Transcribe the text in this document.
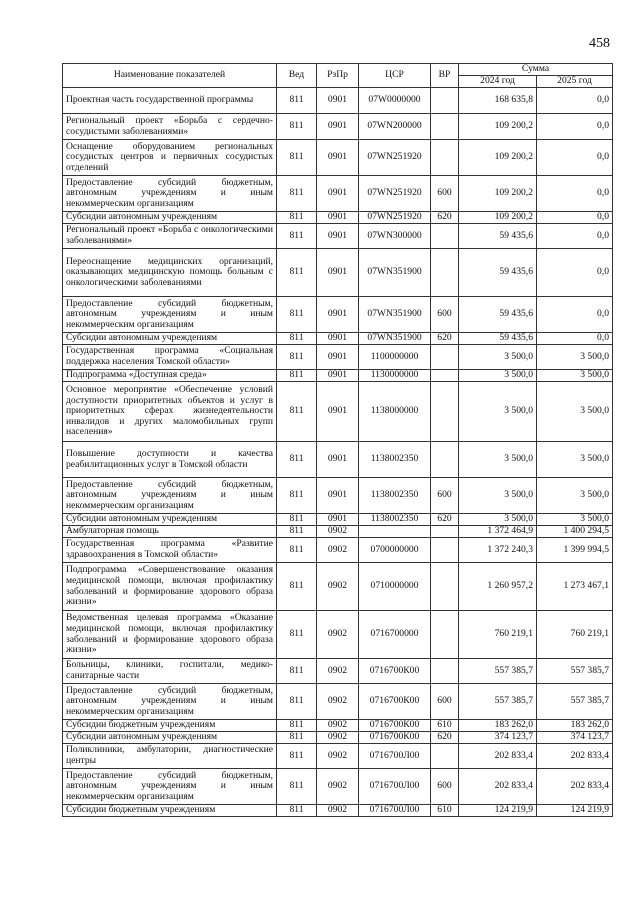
458
Наименование показателей	Вед	РзПр	ЦСР	ВР	Сумма	
					2024 год	2025 год
Проектная часть государственной программы	811	0901	07W0000000		168 635,8	0,0
Региональный проект «Борьба с сердечно-сосудистыми заболеваниями»	811	0901	07WN200000		109 200,2	0,0
Оснащение оборудованием региональных сосудистых центров и первичных сосудистых отделений	811	0901	07WN251920		109 200,2	0,0
Предоставление субсидий бюджетным, автономным учреждениям и иным некоммерческим организациям	811	0901	07WN251920	600	109 200,2	0,0
Субсидии автономным учреждениям	811	0901	07WN251920	620	109 200,2	0,0
Региональный проект «Борьба с онкологическими заболеваниями»	811	0901	07WN300000		59 435,6	0,0
Переоснащение медицинских организаций, оказывающих медицинскую помощь больным с онкологическими заболеваниями	811	0901	07WN351900		59 435,6	0,0
Предоставление субсидий бюджетным, автономным учреждениям и иным некоммерческим организациям	811	0901	07WN351900	600	59 435,6	0,0
Субсидии автономным учреждениям	811	0901	07WN351900	620	59 435,6	0,0
Государственная программа «Социальная поддержка населения Томской области»	811	0901	1100000000		3 500,0	3 500,0
Подпрограмма «Доступная среда»	811	0901	1130000000		3 500,0	3 500,0
Основное мероприятие «Обеспечение условий доступности приоритетных объектов и услуг в приоритетных сферах жизнедеятельности инвалидов и других маломобильных групп населения»	811	0901	1138000000		3 500,0	3 500,0
Повышение доступности и качества реабилитационных услуг в Томской области	811	0901	1138002350		3 500,0	3 500,0
Предоставление субсидий бюджетным, автономным учреждениям и иным некоммерческим организациям	811	0901	1138002350	600	3 500,0	3 500,0
Субсидии автономным учреждениям	811	0901	1138002350	620	3 500,0	3 500,0
Амбулаторная помощь	811	0902			1 372 464,9	1 400 294,5
Государственная программа «Развитие здравоохранения в Томской области»	811	0902	0700000000		1 372 240,3	1 399 994,5
Подпрограмма «Совершенствование оказания медицинской помощи, включая профилактику заболеваний и формирование здорового образа жизни»	811	0902	0710000000		1 260 957,2	1 273 467,1
Ведомственная целевая программа «Оказание медицинской помощи, включая профилактику заболеваний и формирование здорового образа жизни»	811	0902	0716700000		760 219,1	760 219,1
Больницы, клиники, госпитали, медико-санитарные части	811	0902	0716700К00		557 385,7	557 385,7
Предоставление субсидий бюджетным, автономным учреждениям и иным некоммерческим организациям	811	0902	0716700К00	600	557 385,7	557 385,7
Субсидии бюджетным учреждениям	811	0902	0716700К00	610	183 262,0	183 262,0
Субсидии автономным учреждениям	811	0902	0716700К00	620	374 123,7	374 123,7
Поликлиники, амбулатории, диагностические центры	811	0902	0716700Л00		202 833,4	202 833,4
Предоставление субсидий бюджетным, автономным учреждениям и иным некоммерческим организациям	811	0902	0716700Л00	600	202 833,4	202 833,4
Субсидии бюджетным учреждениям	811	0902	0716700Л00	610	124 219,9	124 219,9
